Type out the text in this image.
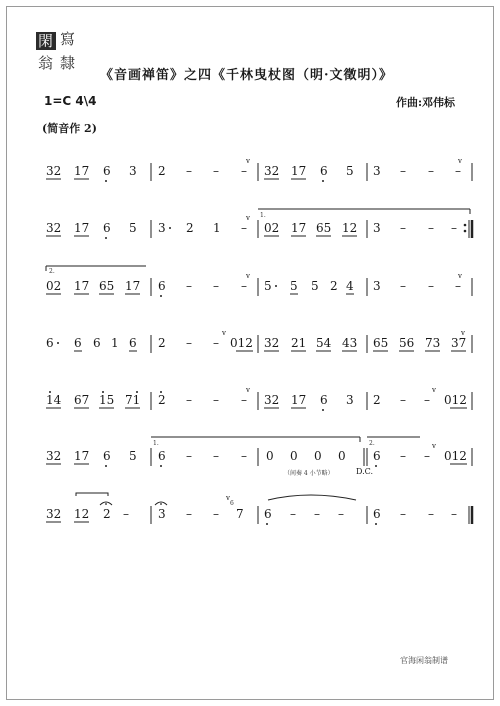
閑 寫
翁 隸
《音画禅笛》之四《千林曳杖图（明·文徵明）》
1=C 4\4	作曲:邓伟标
(简音作 2)
32 17 6 3 2 – – –
v
32 17 6 5 3 – – –
v
32 17 6 5 3 2 1 –
v
02 17 65 12 3 – – –
02 17 65 17 6 – – –
v
5 5 5 2 4 3 – – –
v
6 6 6 1 6 2 – –
v
012 32 21 54 43 65 56 73 37
v
14 67 15 71 2 – – –
v
32 17 6 3 2 – –
v
012
32 17 6 5 6 – – – 0 0 0 0 6 – –
v
012
32 12 2 – 3 – – 7
v
6 – – – 6 – – –
1.
2.
1.	2.
（间奏 4 小节略）	D.C.
6
官海闲翁制谱
